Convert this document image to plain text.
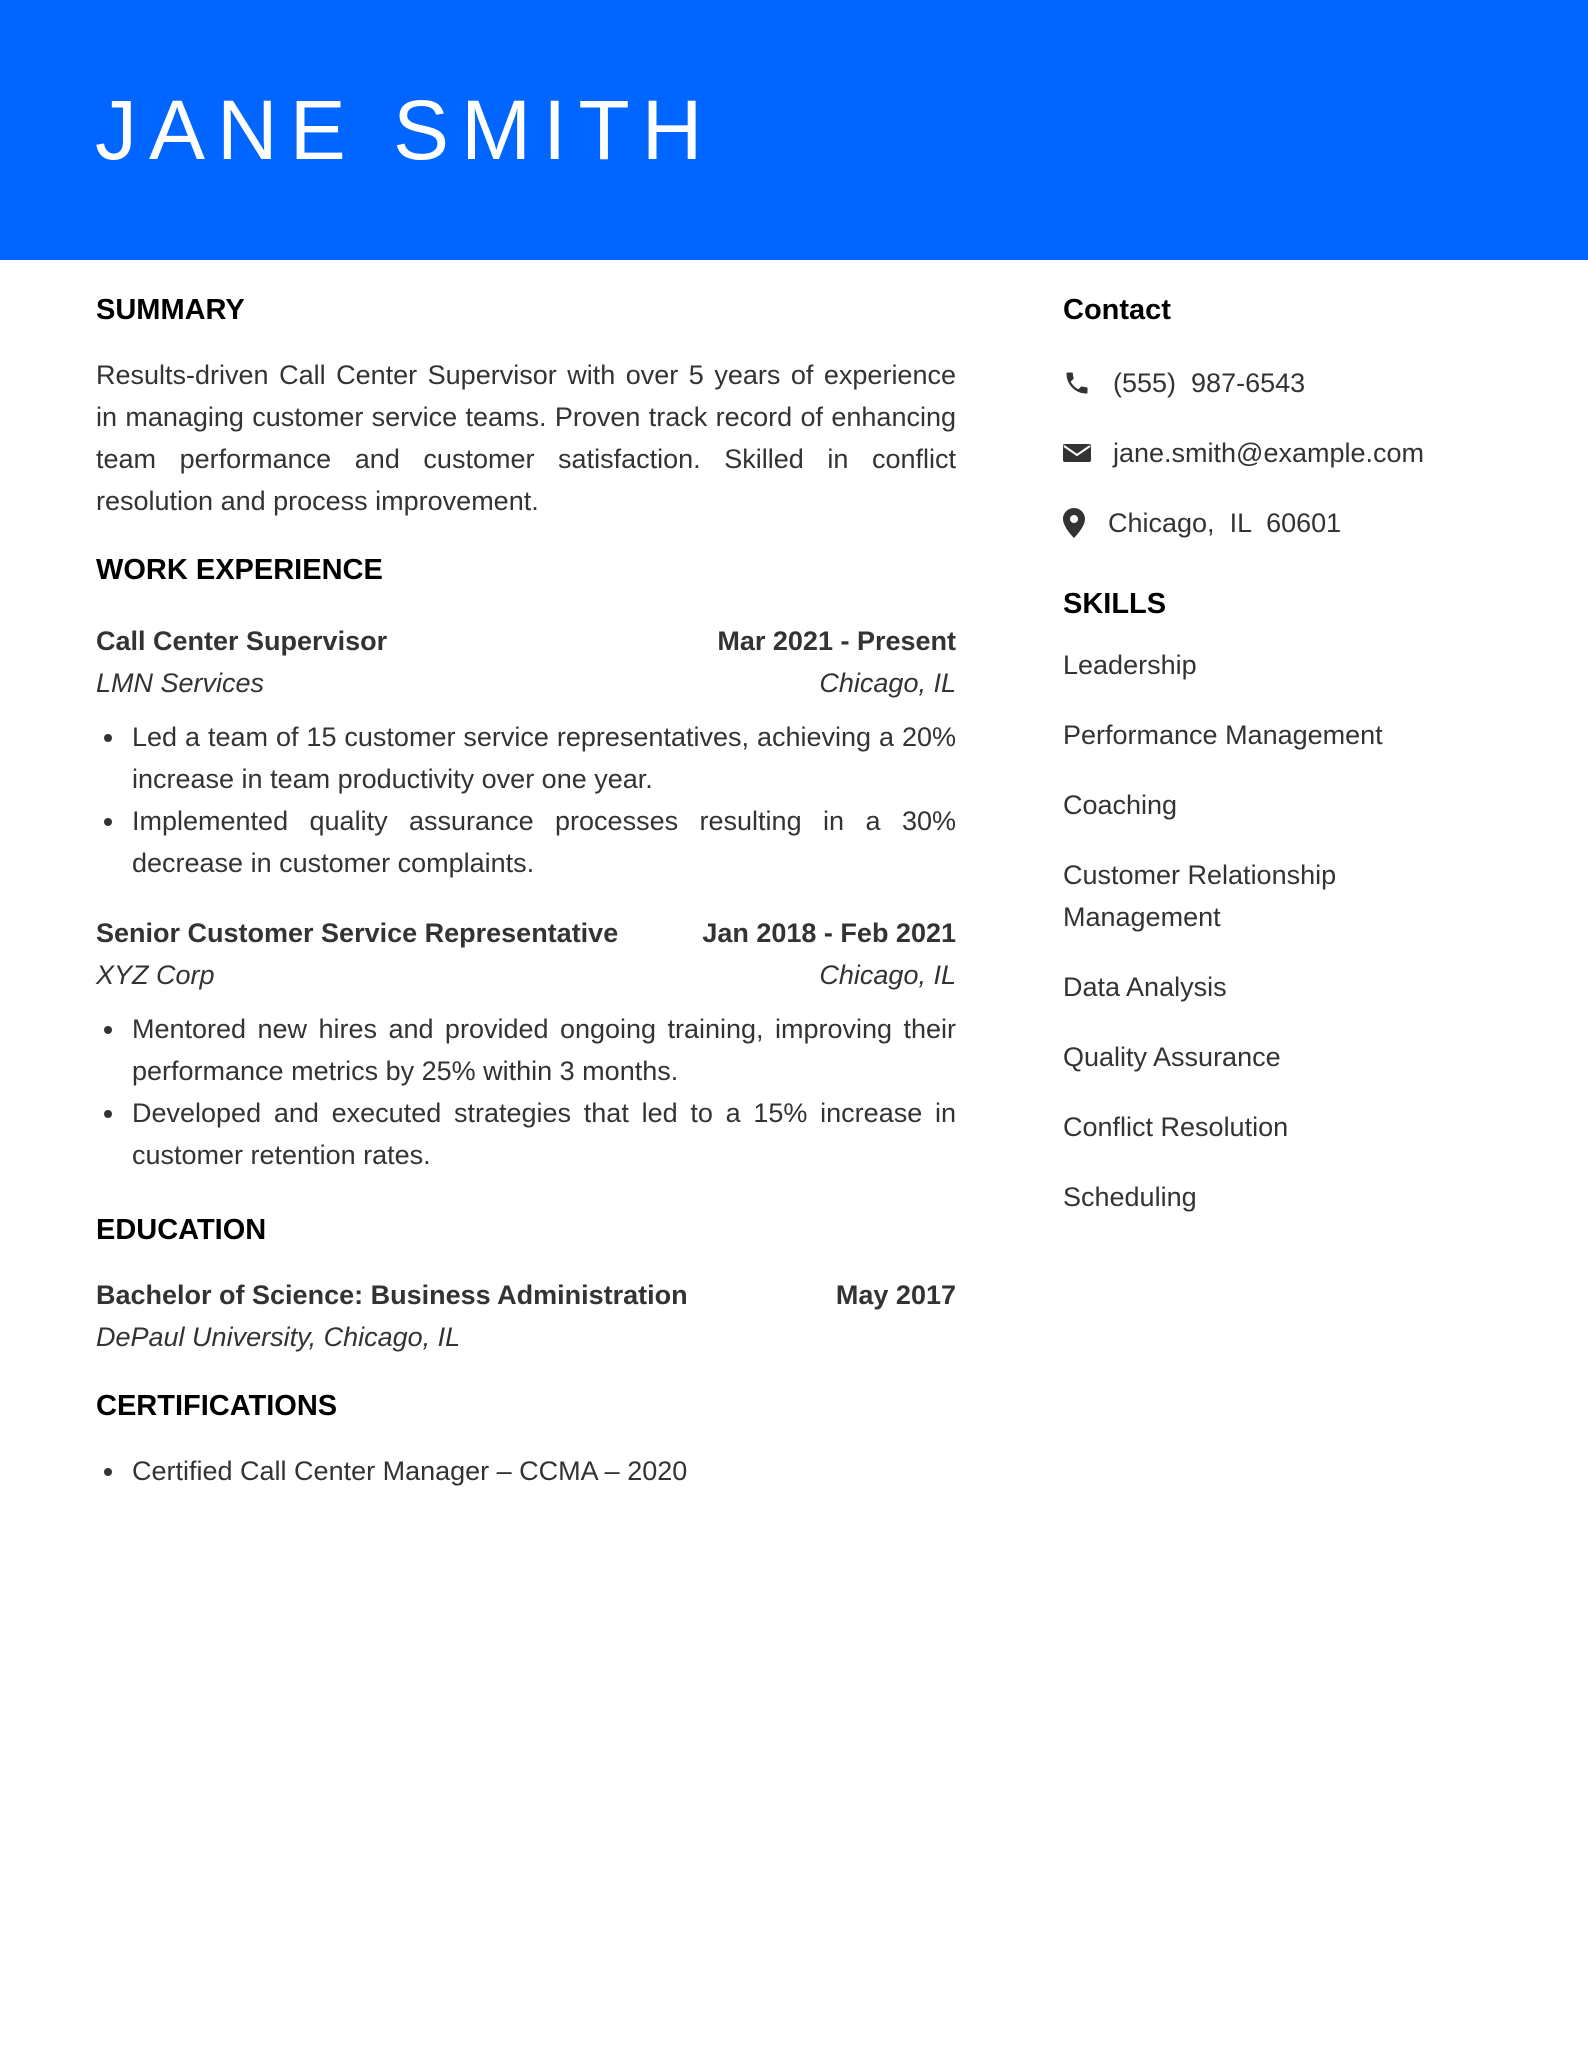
JANE SMITH
SUMMARY

Results-driven Call Center Supervisor with over 5 years of experience in managing customer service teams. Proven track record of enhancing team performance and customer satisfaction. Skilled in conflict resolution and process improvement.

WORK EXPERIENCE
Call Center Supervisor	Mar 2021 - Present
LMN Services	Chicago, IL
Led a team of 15 customer service representatives, achieving a 20% increase in team productivity over one year.
Implemented quality assurance processes resulting in a 30% decrease in customer complaints.
Senior Customer Service Representative	Jan 2018 - Feb 2021
XYZ Corp	Chicago, IL
Mentored new hires and provided ongoing training, improving their performance metrics by 25% within 3 months.
Developed and executed strategies that led to a 15% increase in customer retention rates.
EDUCATION
Bachelor of Science: Business Administration	May 2017
DePaul University, Chicago, IL
CERTIFICATIONS
Certified Call Center Manager – CCMA – 2020
Contact
(555)  987-6543
jane.smith@example.com
Chicago,  IL  60601
SKILLS
Leadership
Performance Management
Coaching
Customer Relationship Management
Data Analysis
Quality Assurance
Conflict Resolution
Scheduling
